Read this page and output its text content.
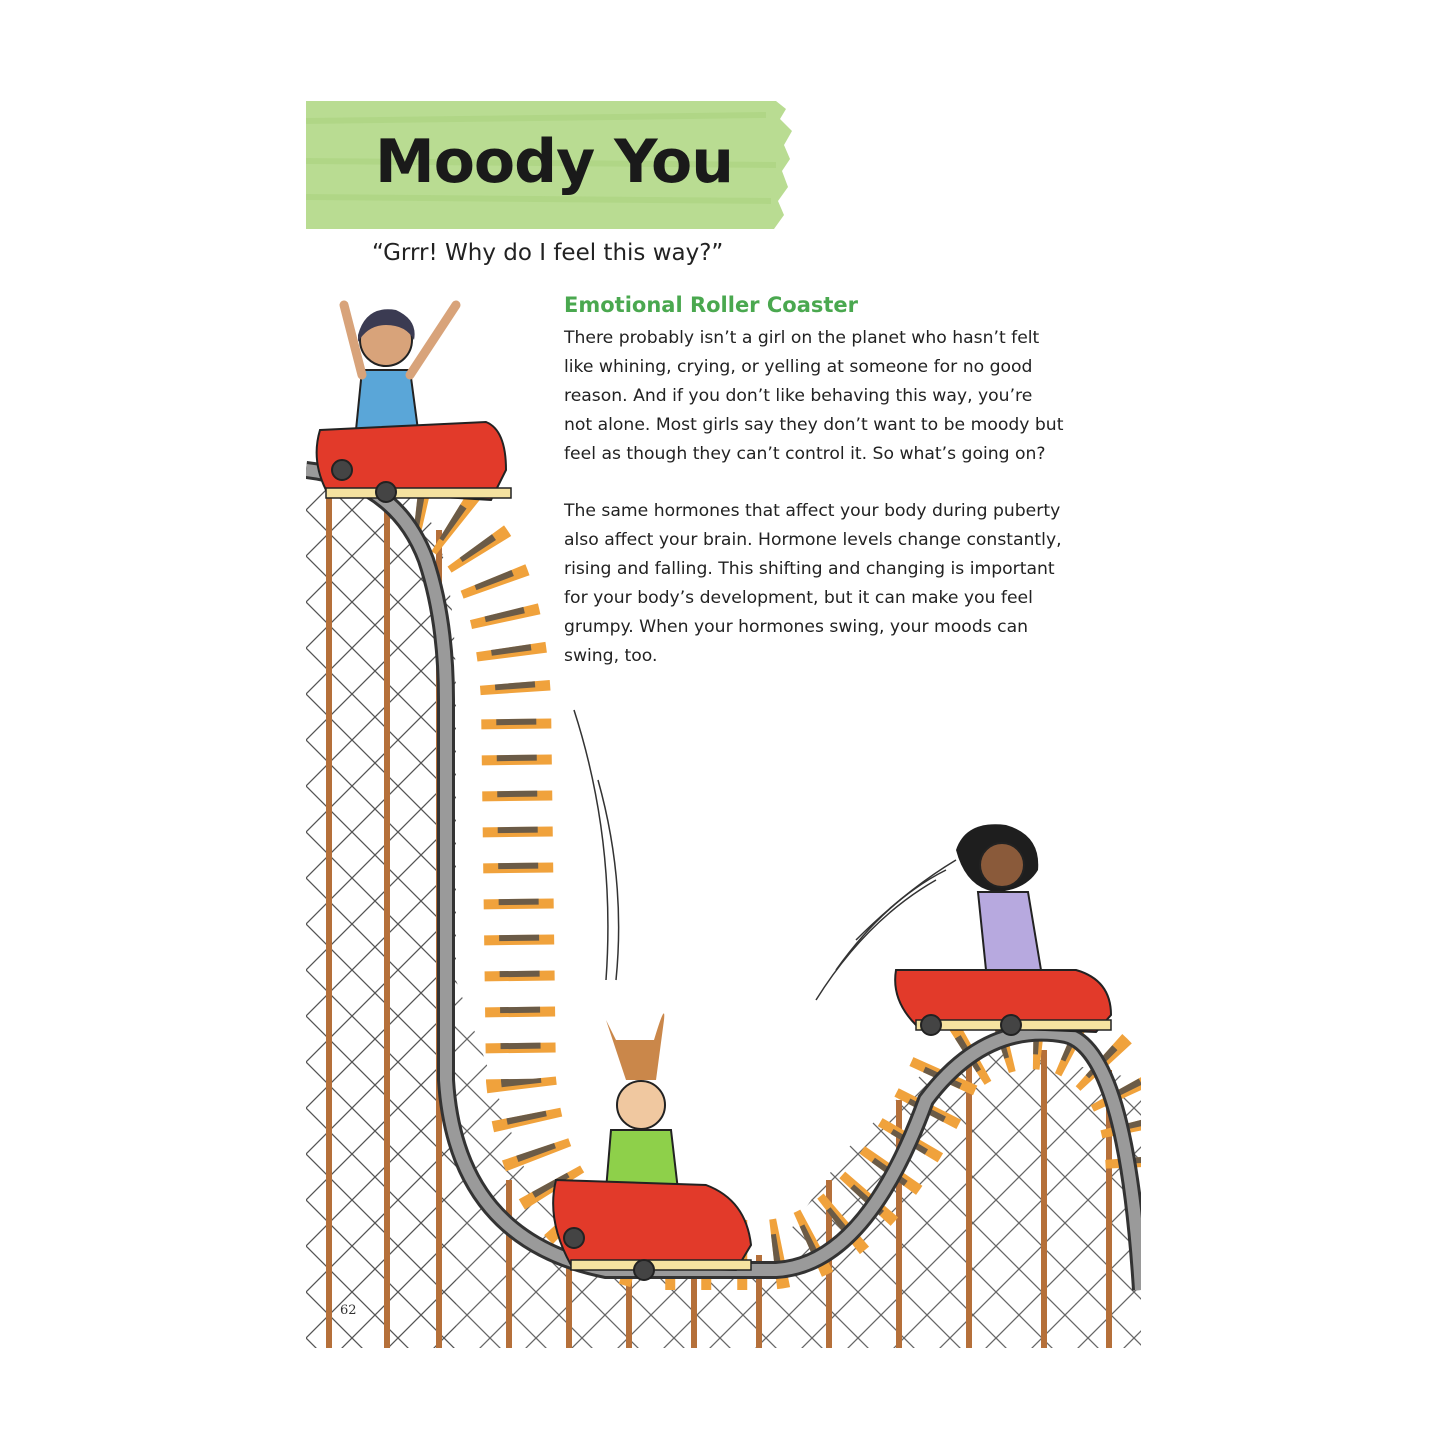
Moody You
“Grrr! Why do I feel this way?”
Emotional Roller Coaster

There probably isn’t a girl on the planet who hasn’t felt like whining, crying, or yelling at someone for no good reason. And if you don’t like behaving this way, you’re not alone. Most girls say they don’t want to be moody but feel as though they can’t control it. So what’s going on?

The same hormones that affect your body during puberty also affect your brain. Hormone levels change constantly, rising and falling. This shifting and changing is important for your body’s development, but it can make you feel grumpy. When your hormones swing, your moods can swing, too.

62
